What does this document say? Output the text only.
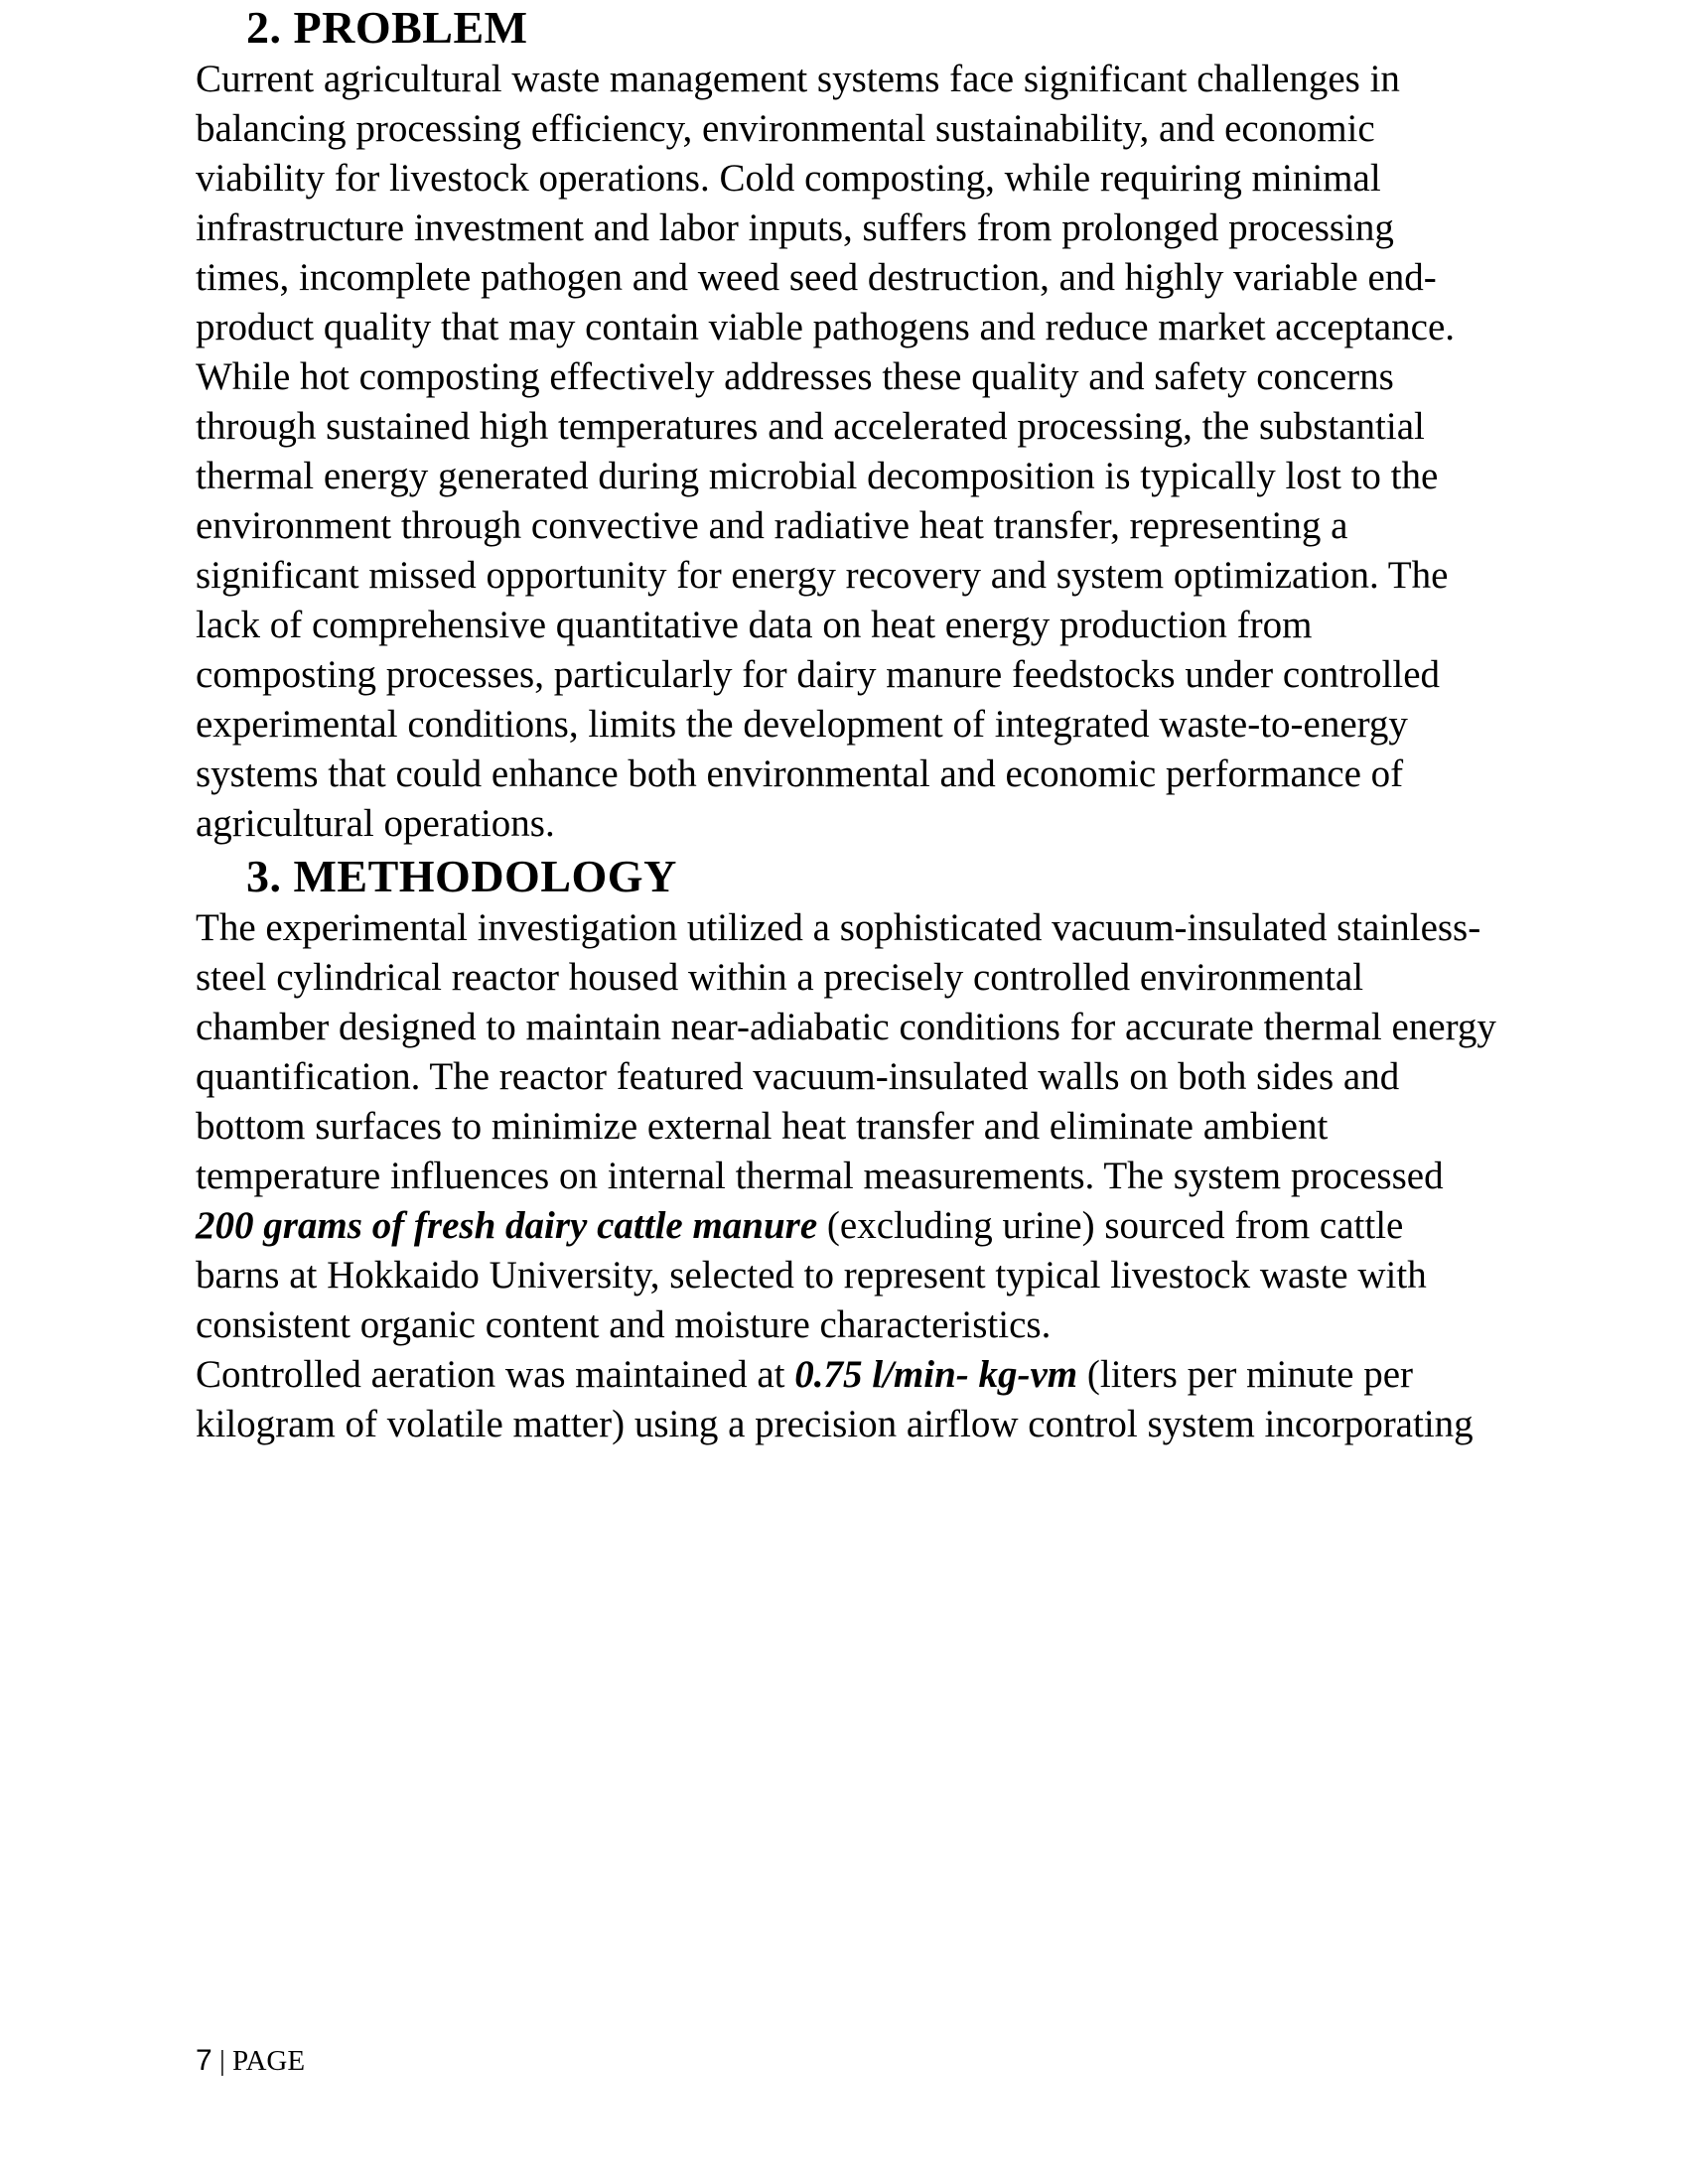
2. PROBLEM

Current agricultural waste management systems face significant challenges in balancing processing efficiency, environmental sustainability, and economic viability for livestock operations. Cold composting, while requiring minimal infrastructure investment and labor inputs, suffers from prolonged processing times, incomplete pathogen and weed seed destruction, and highly variable end-product quality that may contain viable pathogens and reduce market acceptance. While hot composting effectively addresses these quality and safety concerns through sustained high temperatures and accelerated processing, the substantial thermal energy generated during microbial decomposition is typically lost to the environment through convective and radiative heat transfer, representing a significant missed opportunity for energy recovery and system optimization. The lack of comprehensive quantitative data on heat energy production from composting processes, particularly for dairy manure feedstocks under controlled experimental conditions, limits the development of integrated waste-to-energy systems that could enhance both environmental and economic performance of agricultural operations.

3. METHODOLOGY

The experimental investigation utilized a sophisticated vacuum-insulated stainless-steel cylindrical reactor housed within a precisely controlled environmental chamber designed to maintain near-adiabatic conditions for accurate thermal energy quantification. The reactor featured vacuum-insulated walls on both sides and bottom surfaces to minimize external heat transfer and eliminate ambient temperature influences on internal thermal measurements. The system processed 200 grams of fresh dairy cattle manure (excluding urine) sourced from cattle barns at Hokkaido University, selected to represent typical livestock waste with consistent organic content and moisture characteristics.

Controlled aeration was maintained at 0.75 l/min- kg-vm (liters per minute per kilogram of volatile matter) using a precision airflow control system incorporating

7 | PAGE
